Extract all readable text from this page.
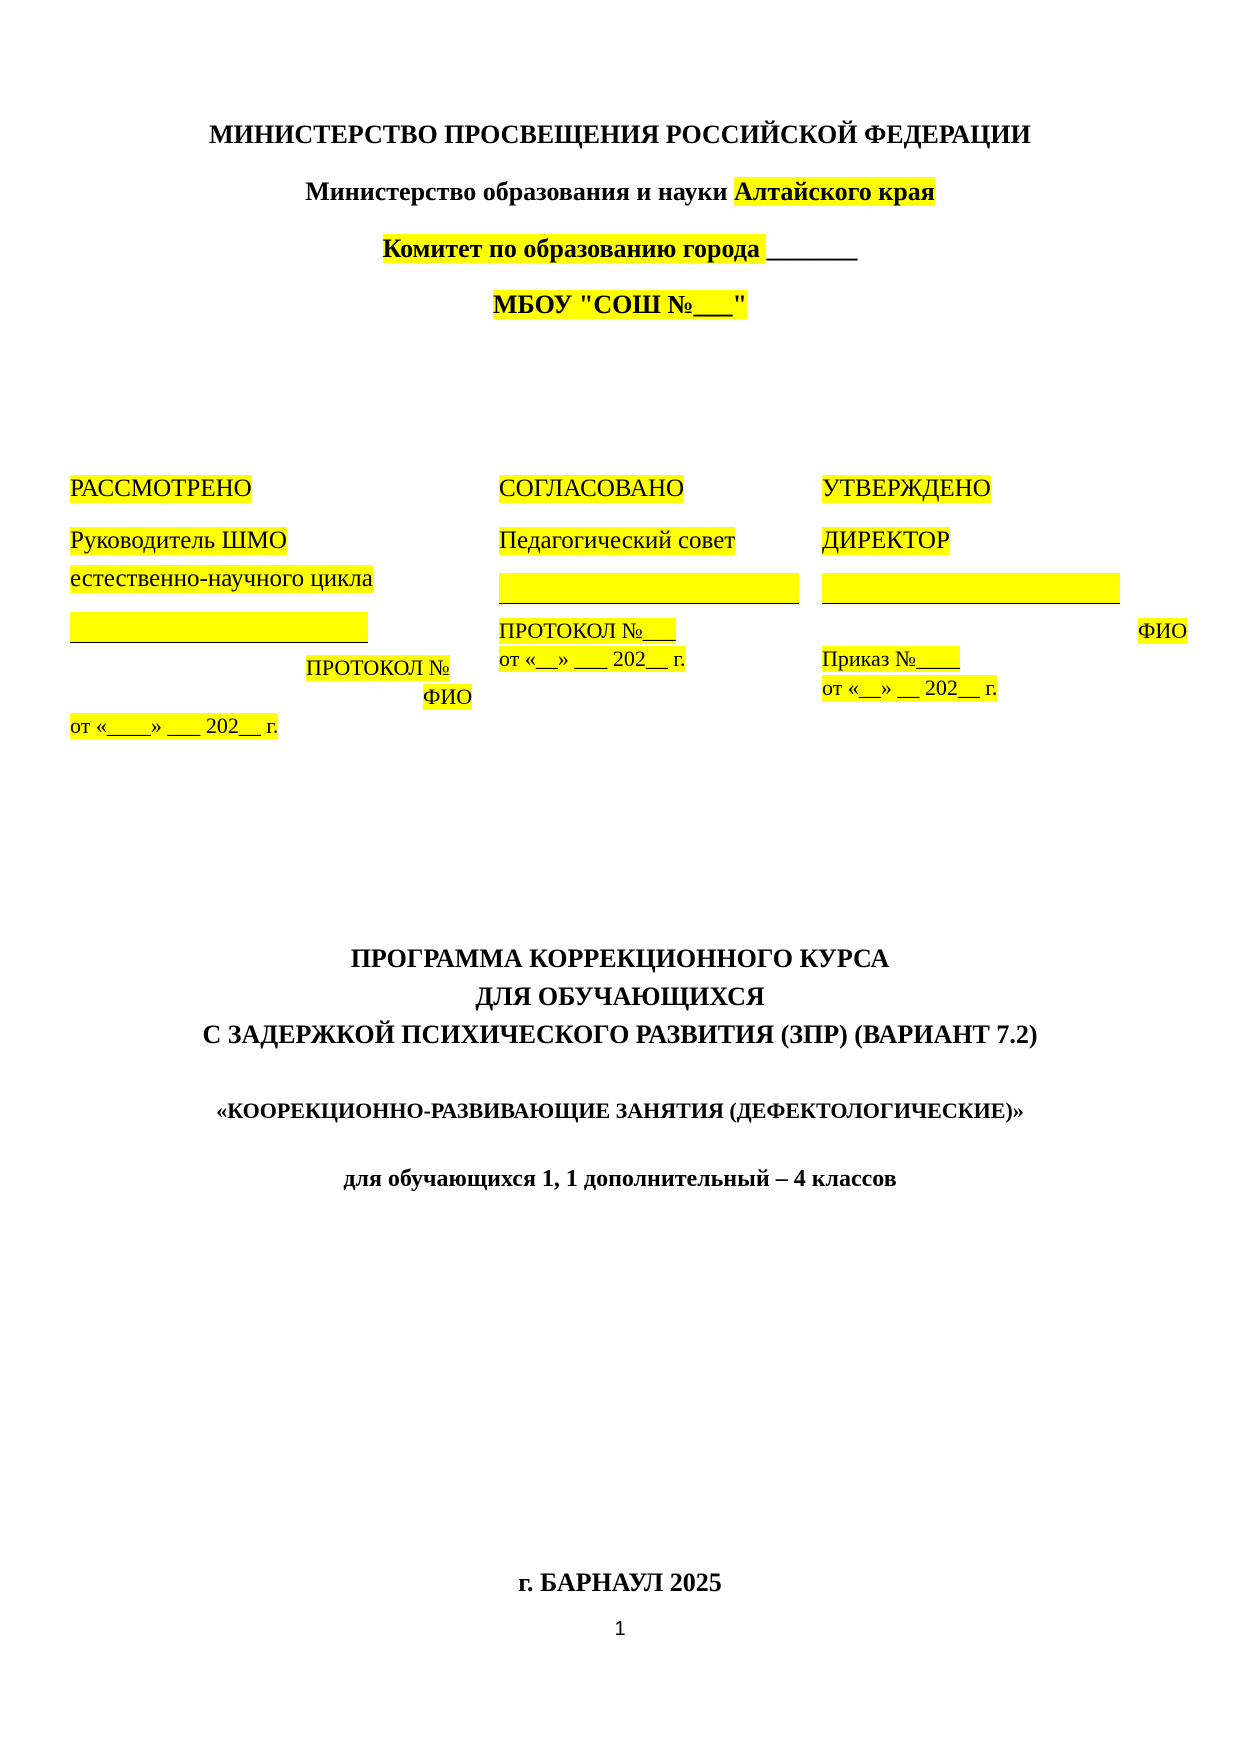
МИНИСТЕРСТВО ПРОСВЕЩЕНИЯ РОССИЙСКОЙ ФЕДЕРАЦИИ
Министерство образования и науки Алтайского края
Комитет по образованию города _______
МБОУ "СОШ №___"
РАССМОТРЕНО
Руководитель ШМО
естественно-научного цикла
ПРОТОКОЛ №
ФИО
от «____» ___ 202__ г.
СОГЛАСОВАНО
Педагогический совет
ПРОТОКОЛ №___
от «__» ___ 202__ г.
УТВЕРЖДЕНО
ДИРЕКТОР
ФИО
Приказ №____
от «__» __ 202__ г.
ПРОГРАММА КОРРЕКЦИОННОГО КУРСА
ДЛЯ ОБУЧАЮЩИХСЯ
С ЗАДЕРЖКОЙ ПСИХИЧЕСКОГО РАЗВИТИЯ (ЗПР) (ВАРИАНТ 7.2)
«КООРЕКЦИОННО-РАЗВИВАЮЩИЕ ЗАНЯТИЯ (ДЕФЕКТОЛОГИЧЕСКИЕ)»
для обучающихся 1, 1 дополнительный – 4 классов
г. БАРНАУЛ 2025
1
